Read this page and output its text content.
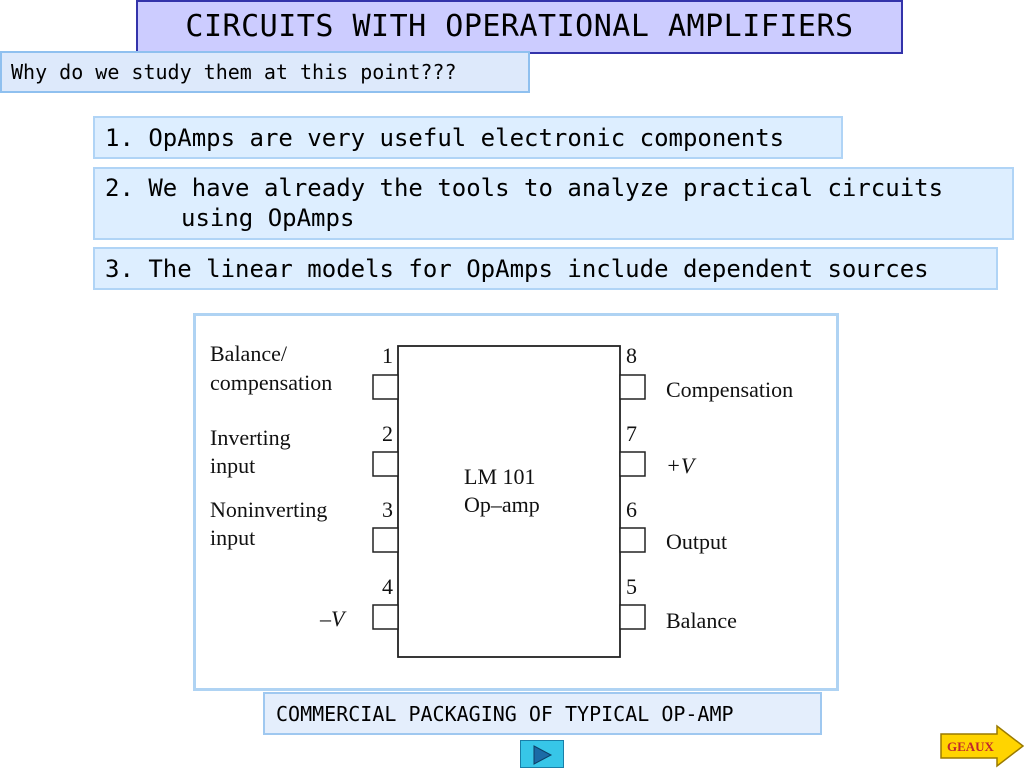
CIRCUITS WITH OPERATIONAL AMPLIFIERS
Why do we study them at this point???
1. OpAmps are very useful electronic components
2. We have already the tools to analyze practical circuits
using OpAmps
3. The linear models for OpAmps include dependent sources
1
2
3
4
8
7
6
5
Balance/
compensation
Inverting
input
Noninverting
input
–V
Compensation
+V
Output
Balance
LM 101
Op–amp
COMMERCIAL PACKAGING OF TYPICAL OP-AMP
GEAUX
